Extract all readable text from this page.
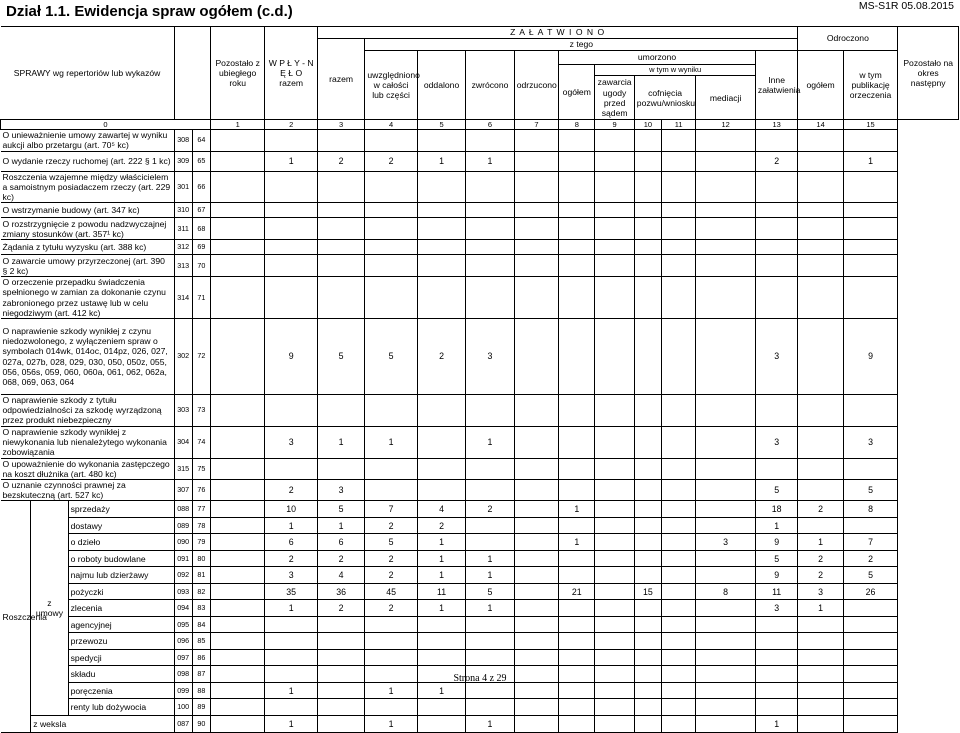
Dział 1.1. Ewidencja spraw ogółem (c.d.)	MS-S1R 05.08.2015
SPRAWY wg repertoriów lub wykazów					Pozostało z ubiegłego roku	W P Ł Y - N Ę Ł O razem	Z A Ł A T W I O N O											Odroczono		Pozostało na okres następny
							razem	z tego												
								uwzględniono w całości lub części	oddalono	zwrócono	odrzucono	umorzono					Inne załatwienia	ogółem	w tym publikację orzeczenia	
												ogółem	w tym w wyniku							
													zawarcia ugody przed sądem	cofnięcia pozwu/wniosku		mediacji				
0					1	2	3	4	5	6	7	8	9	10	11	12	13	14	15	
O unieważnienie umowy zawartej w wyniku aukcji albo przetargu (art. 70⁵ kc)			308	64																
O wydanie rzeczy ruchomej (art. 222 § 1 kc)			309	65		1	2	2	1	1							2		1	
Roszczenia wzajemne między właścicielem a samoistnym posiadaczem rzeczy (art. 229 kc)			301	66																
O wstrzymanie budowy (art. 347 kc)			310	67																
O rozstrzygnięcie z powodu nadzwyczajnej zmiany stosunków (art. 357¹ kc)			311	68																
Żądania z tytułu wyzysku (art. 388 kc)			312	69																
O zawarcie umowy przyrzeczonej (art. 390 § 2 kc)			313	70																
O orzeczenie przepadku świadczenia spełnionego w zamian za dokonanie czynu zabronionego przez ustawę lub w celu niegodziwym (art. 412 kc)			314	71																
O naprawienie szkody wynikłej z czynu niedozwolonego, z wyłączeniem spraw o symbolach 014wk, 014oc, 014pz, 026, 027, 027a, 027b, 028, 029, 030, 050, 050z, 055, 056, 056s, 059, 060, 060a, 061, 062, 062a, 068, 069, 063, 064			302	72		9	5	5	2	3							3		9	
O naprawienie szkody z tytułu odpowiedzialności za szkodę wyrządzoną przez produkt niebezpieczny			303	73																
O naprawienie szkody wynikłej z niewykonania lub nienależytego wykonania zobowiązania			304	74		3	1	1		1							3		3	
O upoważnienie do wykonania zastępczego na koszt dłużnika (art. 480 kc)			315	75																
O uznanie czynności prawnej za bezskuteczną (art. 527 kc)			307	76		2	3										5		5	
Roszczenia	z umowy	sprzedaży	088	77		10	5	7	4	2		1					18	2	8	
		dostawy	089	78		1	1	2	2								1			
		o dzieło	090	79		6	6	5	1			1				3	9	1	7	
		o roboty budowlane	091	80		2	2	2	1	1							5	2	2	
		najmu lub dzierżawy	092	81		3	4	2	1	1							9	2	5	
		pożyczki	093	82		35	36	45	11	5		21		15		8	11	3	26	
		zlecenia	094	83		1	2	2	1	1							3	1		
		agencyjnej	095	84																
		przewozu	096	85																
		spedycji	097	86																
		składu	098	87																
		poręczenia	099	88		1		1	1											
		renty lub dożywocia	100	89																
	z weksla		087	90		1		1		1							1			
Strona 4 z 29
